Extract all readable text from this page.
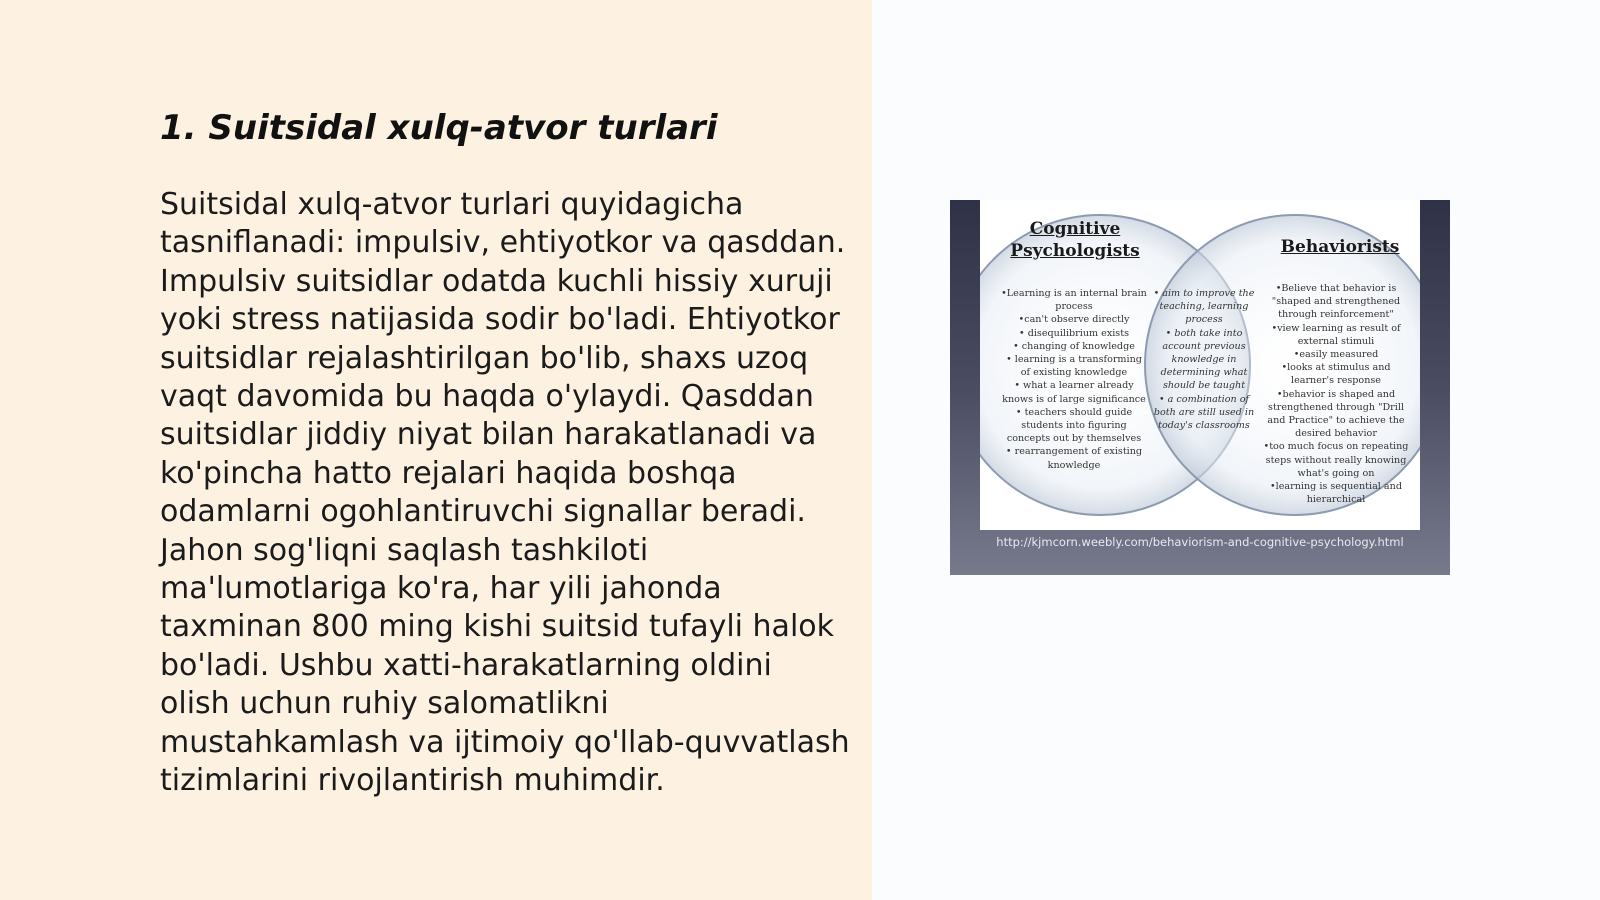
1. Suitsidal xulq-atvor turlari

Suitsidal xulq-atvor turlari quyidagicha tasniflanadi: impulsiv, ehtiyotkor va qasddan. Impulsiv suitsidlar odatda kuchli hissiy xuruji yoki stress natijasida sodir bo'ladi. Ehtiyotkor suitsidlar rejalashtirilgan bo'lib, shaxs uzoq vaqt davomida bu haqda o'ylaydi. Qasddan suitsidlar jiddiy niyat bilan harakatlanadi va ko'pincha hatto rejalari haqida boshqa odamlarni ogohlantiruvchi signallar beradi. Jahon sog'liqni saqlash tashkiloti ma'lumotlariga ko'ra, har yili jahonda taxminan 800 ming kishi suitsid tufayli halok bo'ladi. Ushbu xatti-harakatlarning oldini olish uchun ruhiy salomatlikni mustahkamlash va ijtimoiy qo'llab-quvvatlash tizimlarini rivojlantirish muhimdir.

Cognitive Psychologists	Behaviorists
•Learning is an internal brain process
•can't observe directly
• disequilibrium exists
• changing of knowledge
• learning is a transforming of existing knowledge
• what a learner already knows is of large significance
• teachers should guide students into figuring concepts out by themselves
• rearrangement of existing knowledge
• aim to improve the teaching, learning process
• both take into account previous knowledge in determining what should be taught
• a combination of both are still used in today's classrooms
•Believe that behavior is "shaped and strengthened through reinforcement"
•view learning as result of external stimuli
•easily measured
•looks at stimulus and learner's response
•behavior is shaped and strengthened through "Drill and Practice" to achieve the desired behavior
•too much focus on repeating steps without really knowing what's going on
•learning is sequential and hierarchical
http://kjmcorn.weebly.com/behaviorism-and-cognitive-psychology.html
